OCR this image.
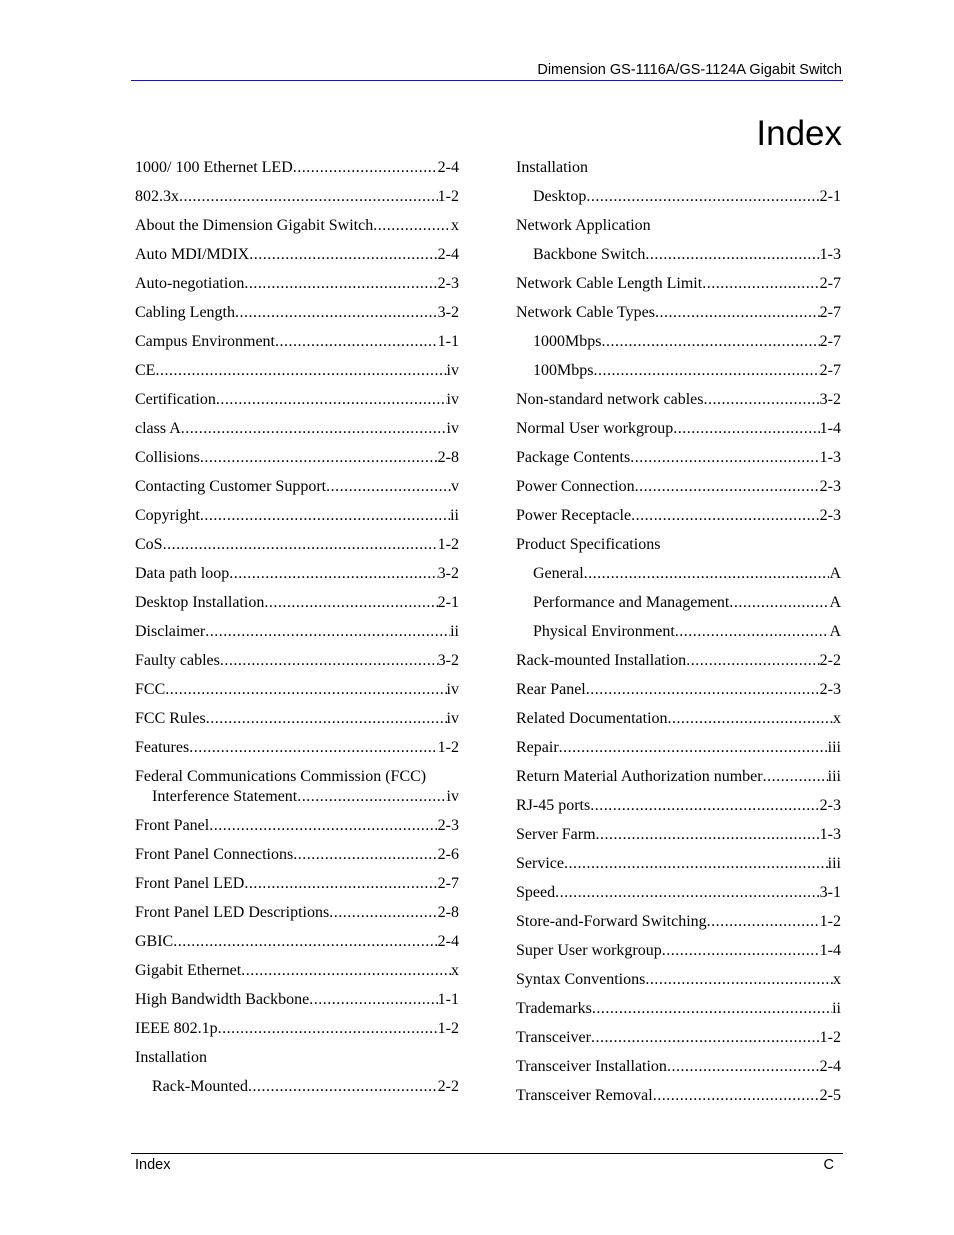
Dimension GS-1116A/GS-1124A Gigabit Switch
Index
1000/ 100 Ethernet LED .....	2-4
802.3x .....	1-2
About the Dimension Gigabit Switch .....	x
Auto MDI/MDIX .....	2-4
Auto-negotiation .....	2-3
Cabling Length .....	3-2
Campus Environment .....	1-1
CE .....	iv
Certification .....	iv
class A .....	iv
Collisions .....	2-8
Contacting Customer Support .....	v
Copyright .....	ii
CoS .....	1-2
Data path loop .....	3-2
Desktop Installation .....	2-1
Disclaimer .....	ii
Faulty cables .....	3-2
FCC .....	iv
FCC Rules .....	iv
Features .....	1-2
Federal Communications Commission (FCC)
Interference Statement .....	iv
Front Panel .....	2-3
Front Panel Connections .....	2-6
Front Panel LED .....	2-7
Front Panel LED Descriptions .....	2-8
GBIC .....	2-4
Gigabit Ethernet .....	x
High Bandwidth Backbone .....	1-1
IEEE 802.1p .....	1-2
Installation
Rack-Mounted .....	2-2
Installation
Desktop .....	2-1
Network Application
Backbone Switch .....	1-3
Network Cable Length Limit .....	2-7
Network Cable Types .....	2-7
1000Mbps .....	2-7
100Mbps .....	2-7
Non-standard network cables .....	3-2
Normal User workgroup .....	1-4
Package Contents .....	1-3
Power Connection .....	2-3
Power Receptacle .....	2-3
Product Specifications
General .....	A
Performance and Management .....	A
Physical Environment .....	A
Rack-mounted Installation .....	2-2
Rear Panel .....	2-3
Related Documentation .....	x
Repair .....	iii
Return Material Authorization number .....	iii
RJ-45 ports .....	2-3
Server Farm .....	1-3
Service .....	iii
Speed .....	3-1
Store-and-Forward Switching .....	1-2
Super User workgroup .....	1-4
Syntax Conventions .....	x
Trademarks .....	ii
Transceiver .....	1-2
Transceiver Installation .....	2-4
Transceiver Removal .....	2-5
Index	C
